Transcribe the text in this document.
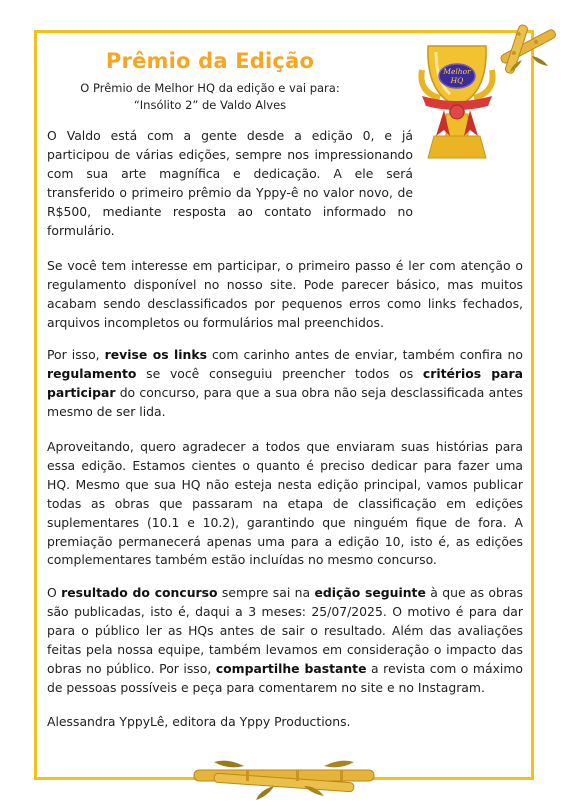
Melhor
HQ
Prêmio da Edição
O Prêmio de Melhor HQ da edição e vai para:
“Insólito 2” de Valdo Alves

O Valdo está com a gente desde a edição 0, e já participou de várias edições, sempre nos impressionando com sua arte magnífica e dedicação. A ele será transferido o primeiro prêmio da Yppy-ê no valor novo, de R$500, mediante resposta ao contato informado no formulário.

Se você tem interesse em participar, o primeiro passo é ler com atenção o regulamento disponível no nosso site. Pode parecer básico, mas muitos acabam sendo desclassificados por pequenos erros como links fechados, arquivos incompletos ou formulários mal preenchidos.

Por isso, revise os links com carinho antes de enviar, também confira no regulamento se você conseguiu preencher todos os critérios para participar do concurso, para que a sua obra não seja desclassificada antes mesmo de ser lida.

Aproveitando, quero agradecer a todos que enviaram suas histórias para essa edição. Estamos cientes o quanto é preciso dedicar para fazer uma HQ. Mesmo que sua HQ não esteja nesta edição principal, vamos publicar todas as obras que passaram na etapa de classificação em edições suplementares (10.1 e 10.2), garantindo que ninguém fique de fora. A premiação permanecerá apenas uma para a edição 10, isto é, as edições complementares também estão incluídas no mesmo concurso.

O resultado do concurso sempre sai na edição seguinte à que as obras são publicadas, isto é, daqui a 3 meses: 25/07/2025. O motivo é para dar para o público ler as HQs antes de sair o resultado. Além das avaliações feitas pela nossa equipe, também levamos em consideração o impacto das obras no público. Por isso, compartilhe bastante a revista com o máximo de pessoas possíveis e peça para comentarem no site e no Instagram.

Alessandra YppyLê, editora da Yppy Productions.
